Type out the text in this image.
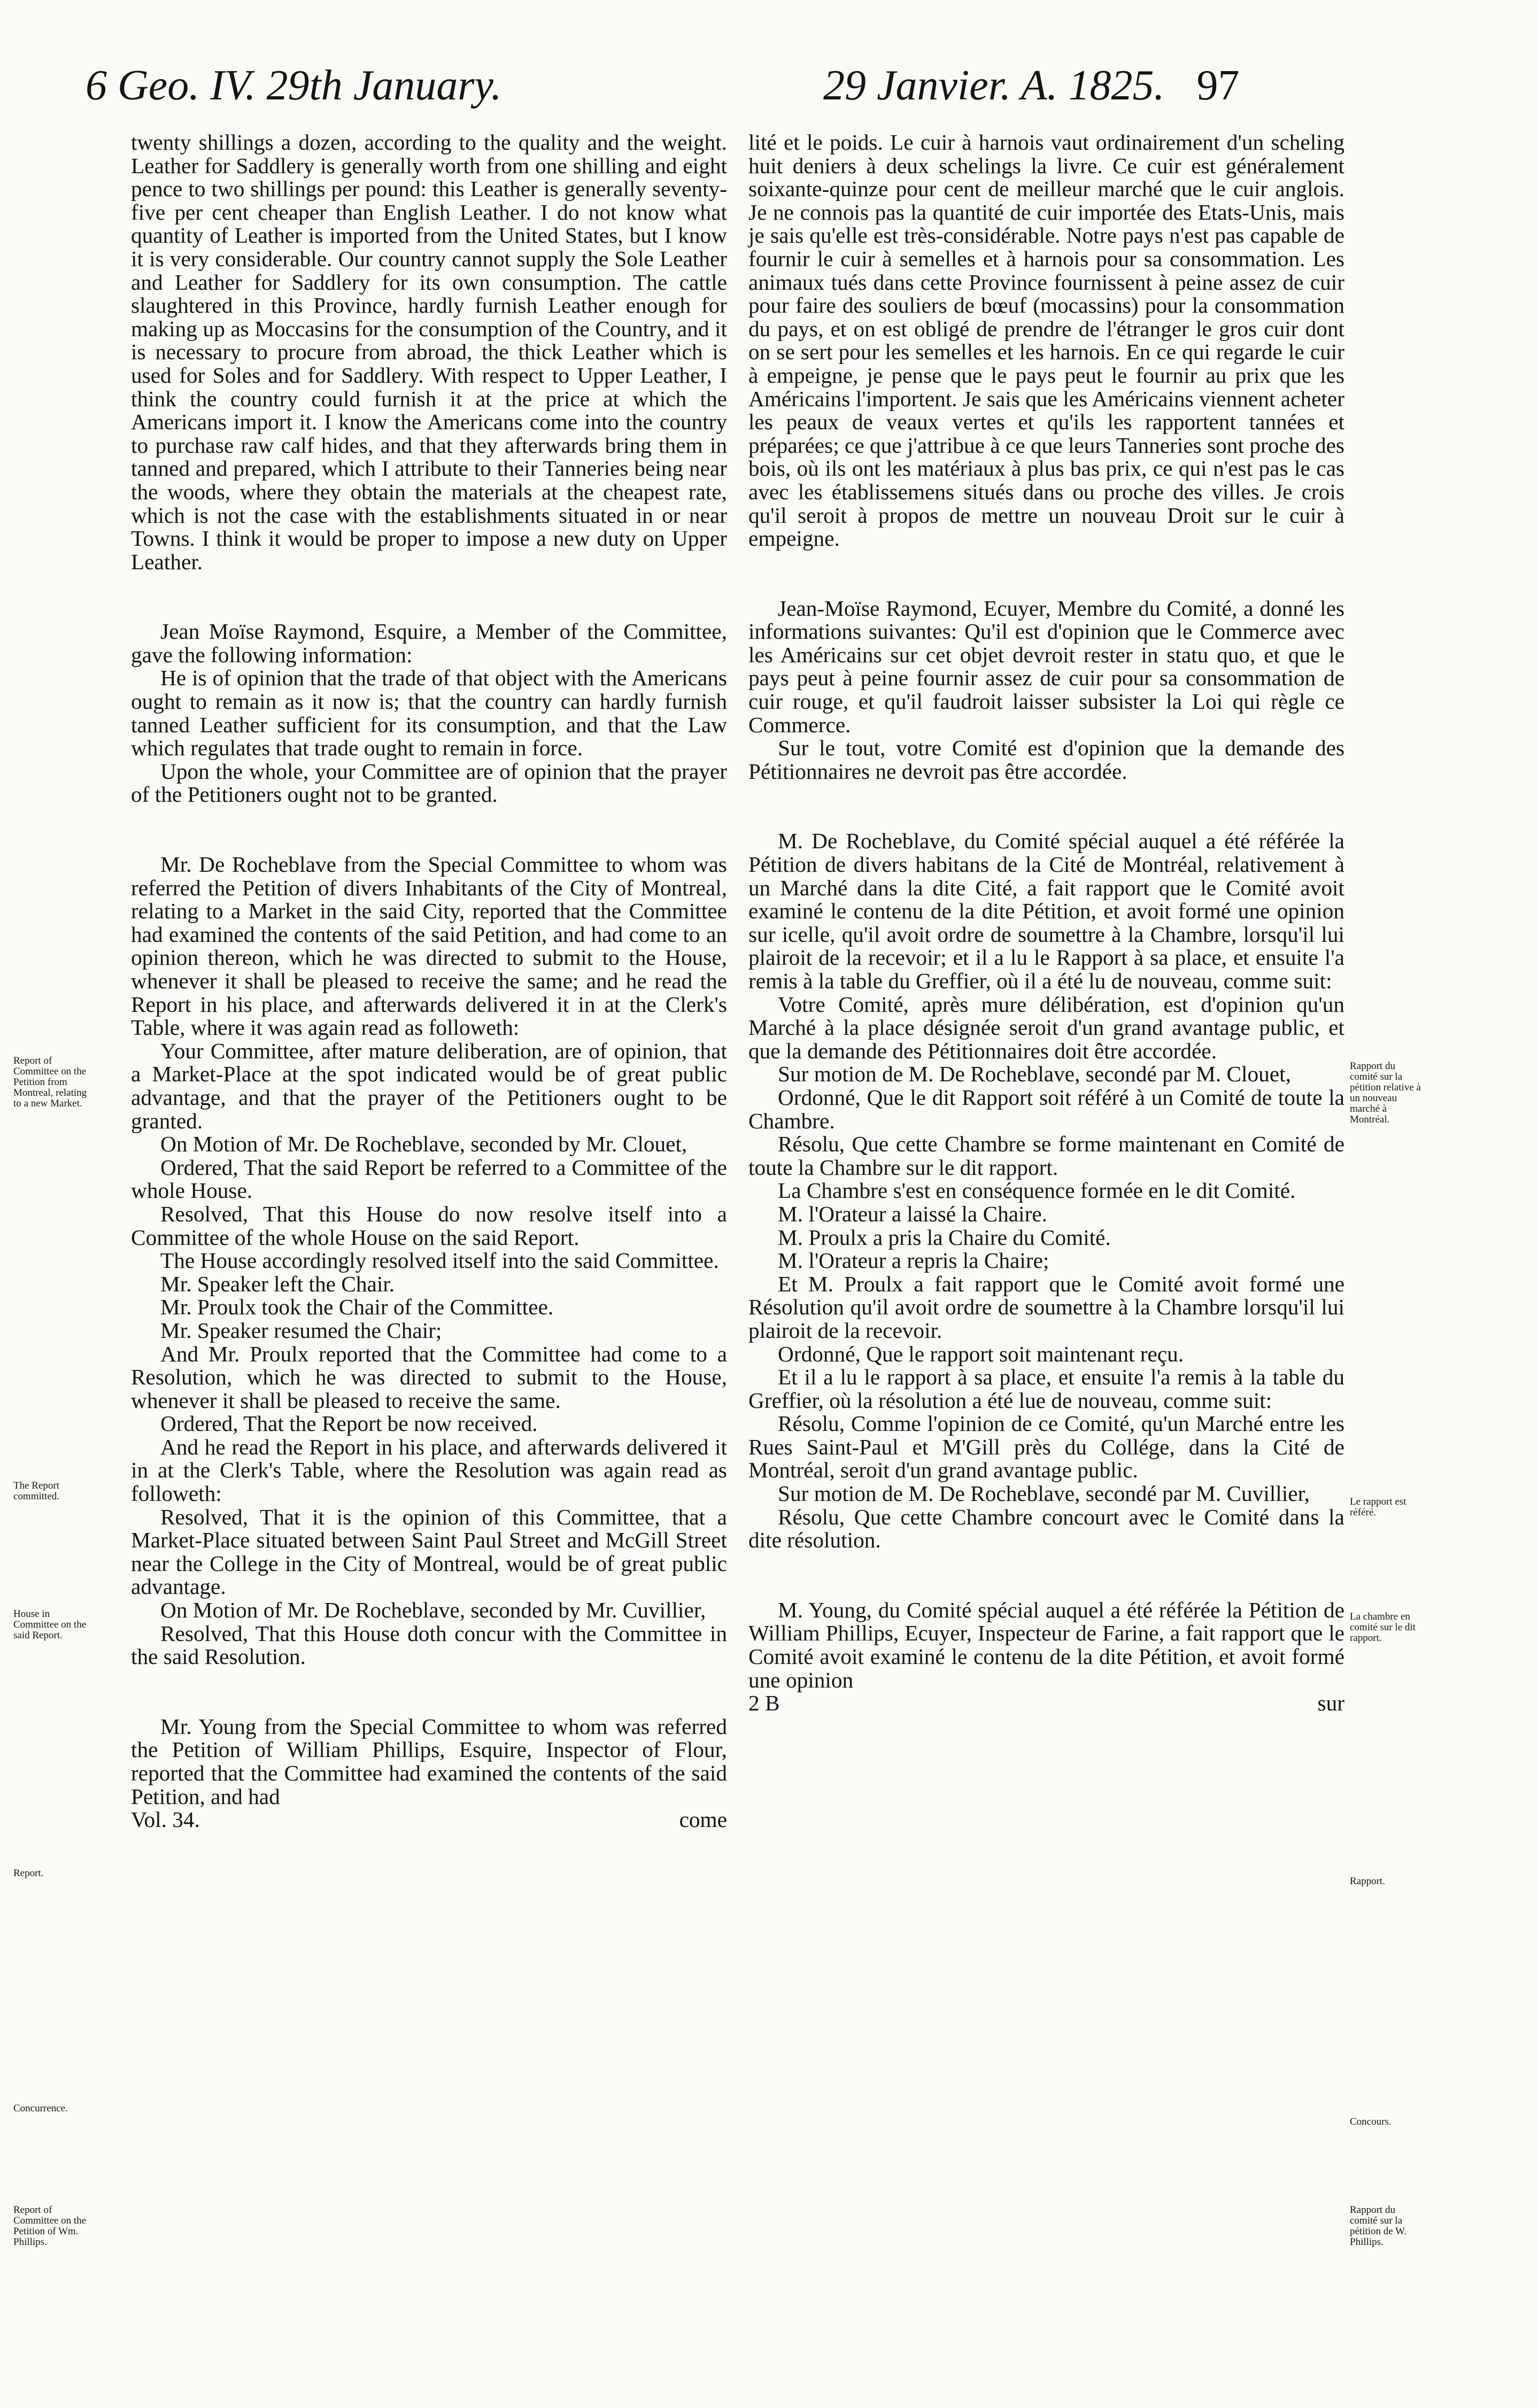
6 Geo. IV. 29th January.	29 Janvier. A. 1825. 97

twenty shillings a dozen, according to the quality and the weight. Leather for Saddlery is generally worth from one shilling and eight pence to two shillings per pound: this Leather is generally seventy-five per cent cheaper than English Leather. I do not know what quantity of Leather is imported from the United States, but I know it is very considerable. Our country cannot supply the Sole Leather and Leather for Saddlery for its own consumption. The cattle slaughtered in this Province, hardly furnish Leather enough for making up as Moccasins for the consumption of the Country, and it is necessary to procure from abroad, the thick Leather which is used for Soles and for Saddlery. With respect to Upper Leather, I think the country could furnish it at the price at which the Americans import it. I know the Americans come into the country to purchase raw calf hides, and that they afterwards bring them in tanned and prepared, which I attribute to their Tanneries being near the woods, where they obtain the materials at the cheapest rate, which is not the case with the establishments situated in or near Towns. I think it would be proper to impose a new duty on Upper Leather.

Jean Moïse Raymond, Esquire, a Member of the Committee, gave the following information:

He is of opinion that the trade of that object with the Americans ought to remain as it now is; that the country can hardly furnish tanned Leather sufficient for its consumption, and that the Law which regulates that trade ought to remain in force.

Upon the whole, your Committee are of opinion that the prayer of the Petitioners ought not to be granted.

Mr. De Rocheblave from the Special Committee to whom was referred the Petition of divers Inhabitants of the City of Montreal, relating to a Market in the said City, reported that the Committee had examined the contents of the said Petition, and had come to an opinion thereon, which he was directed to submit to the House, whenever it shall be pleased to receive the same; and he read the Report in his place, and afterwards delivered it in at the Clerk's Table, where it was again read as followeth:

Your Committee, after mature deliberation, are of opinion, that a Market-Place at the spot indicated would be of great public advantage, and that the prayer of the Petitioners ought to be granted.

On Motion of Mr. De Rocheblave, seconded by Mr. Clouet,

Ordered, That the said Report be referred to a Committee of the whole House.

Resolved, That this House do now resolve itself into a Committee of the whole House on the said Report.

The House accordingly resolved itself into the said Committee.

Mr. Speaker left the Chair.

Mr. Proulx took the Chair of the Committee.

Mr. Speaker resumed the Chair;

And Mr. Proulx reported that the Committee had come to a Resolution, which he was directed to submit to the House, whenever it shall be pleased to receive the same.

Ordered, That the Report be now received.

And he read the Report in his place, and afterwards delivered it in at the Clerk's Table, where the Resolution was again read as followeth:

Resolved, That it is the opinion of this Committee, that a Market-Place situated between Saint Paul Street and McGill Street near the College in the City of Montreal, would be of great public advantage.

On Motion of Mr. De Rocheblave, seconded by Mr. Cuvillier,

Resolved, That this House doth concur with the Committee in the said Resolution.

Mr. Young from the Special Committee to whom was referred the Petition of William Phillips, Esquire, Inspector of Flour, reported that the Committee had examined the contents of the said Petition, and had

Vol. 34.	come

lité et le poids. Le cuir à harnois vaut ordinairement d'un scheling huit deniers à deux schelings la livre. Ce cuir est généralement soixante-quinze pour cent de meilleur marché que le cuir anglois. Je ne connois pas la quantité de cuir importée des Etats-Unis, mais je sais qu'elle est très-considérable. Notre pays n'est pas capable de fournir le cuir à semelles et à harnois pour sa consommation. Les animaux tués dans cette Province fournissent à peine assez de cuir pour faire des souliers de bœuf (mocassins) pour la consommation du pays, et on est obligé de prendre de l'étranger le gros cuir dont on se sert pour les semelles et les harnois. En ce qui regarde le cuir à empeigne, je pense que le pays peut le fournir au prix que les Américains l'importent. Je sais que les Américains viennent acheter les peaux de veaux vertes et qu'ils les rapportent tannées et préparées; ce que j'attribue à ce que leurs Tanneries sont proche des bois, où ils ont les matériaux à plus bas prix, ce qui n'est pas le cas avec les établissemens situés dans ou proche des villes. Je crois qu'il seroit à propos de mettre un nouveau Droit sur le cuir à empeigne.

Jean-Moïse Raymond, Ecuyer, Membre du Comité, a donné les informations suivantes: Qu'il est d'opinion que le Commerce avec les Américains sur cet objet devroit rester in statu quo, et que le pays peut à peine fournir assez de cuir pour sa consommation de cuir rouge, et qu'il faudroit laisser subsister la Loi qui règle ce Commerce.

Sur le tout, votre Comité est d'opinion que la demande des Pétitionnaires ne devroit pas être accordée.

M. De Rocheblave, du Comité spécial auquel a été référée la Pétition de divers habitans de la Cité de Montréal, relativement à un Marché dans la dite Cité, a fait rapport que le Comité avoit examiné le contenu de la dite Pétition, et avoit formé une opinion sur icelle, qu'il avoit ordre de soumettre à la Chambre, lorsqu'il lui plairoit de la recevoir; et il a lu le Rapport à sa place, et ensuite l'a remis à la table du Greffier, où il a été lu de nouveau, comme suit:

Votre Comité, après mure délibération, est d'opinion qu'un Marché à la place désignée seroit d'un grand avantage public, et que la demande des Pétitionnaires doit être accordée.

Sur motion de M. De Rocheblave, secondé par M. Clouet,

Ordonné, Que le dit Rapport soit référé à un Comité de toute la Chambre.

Résolu, Que cette Chambre se forme maintenant en Comité de toute la Chambre sur le dit rapport.

La Chambre s'est en conséquence formée en le dit Comité.

M. l'Orateur a laissé la Chaire.

M. Proulx a pris la Chaire du Comité.

M. l'Orateur a repris la Chaire;

Et M. Proulx a fait rapport que le Comité avoit formé une Résolution qu'il avoit ordre de soumettre à la Chambre lorsqu'il lui plairoit de la recevoir.

Ordonné, Que le rapport soit maintenant reçu.

Et il a lu le rapport à sa place, et ensuite l'a remis à la table du Greffier, où la résolution a été lue de nouveau, comme suit:

Résolu, Comme l'opinion de ce Comité, qu'un Marché entre les Rues Saint-Paul et M'Gill près du Collége, dans la Cité de Montréal, seroit d'un grand avantage public.

Sur motion de M. De Rocheblave, secondé par M. Cuvillier,

Résolu, Que cette Chambre concourt avec le Comité dans la dite résolution.

M. Young, du Comité spécial auquel a été référée la Pétition de William Phillips, Ecuyer, Inspecteur de Farine, a fait rapport que le Comité avoit examiné le contenu de la dite Pétition, et avoit formé une opinion

2 B	sur
Report of Committee on the Petition from Montreal, relating to a new Market.
The Report committed.
House in Committee on the said Report.
Report.
Concurrence.
Report of Committee on the Petition of Wm. Phillips.
Rapport du comité sur la pétition relative à un nouveau marché à Montréal.
Le rapport est référé.
La chambre en comité sur le dit rapport.
Rapport.
Concours.
Rapport du comité sur la pétition de W. Phillips.
